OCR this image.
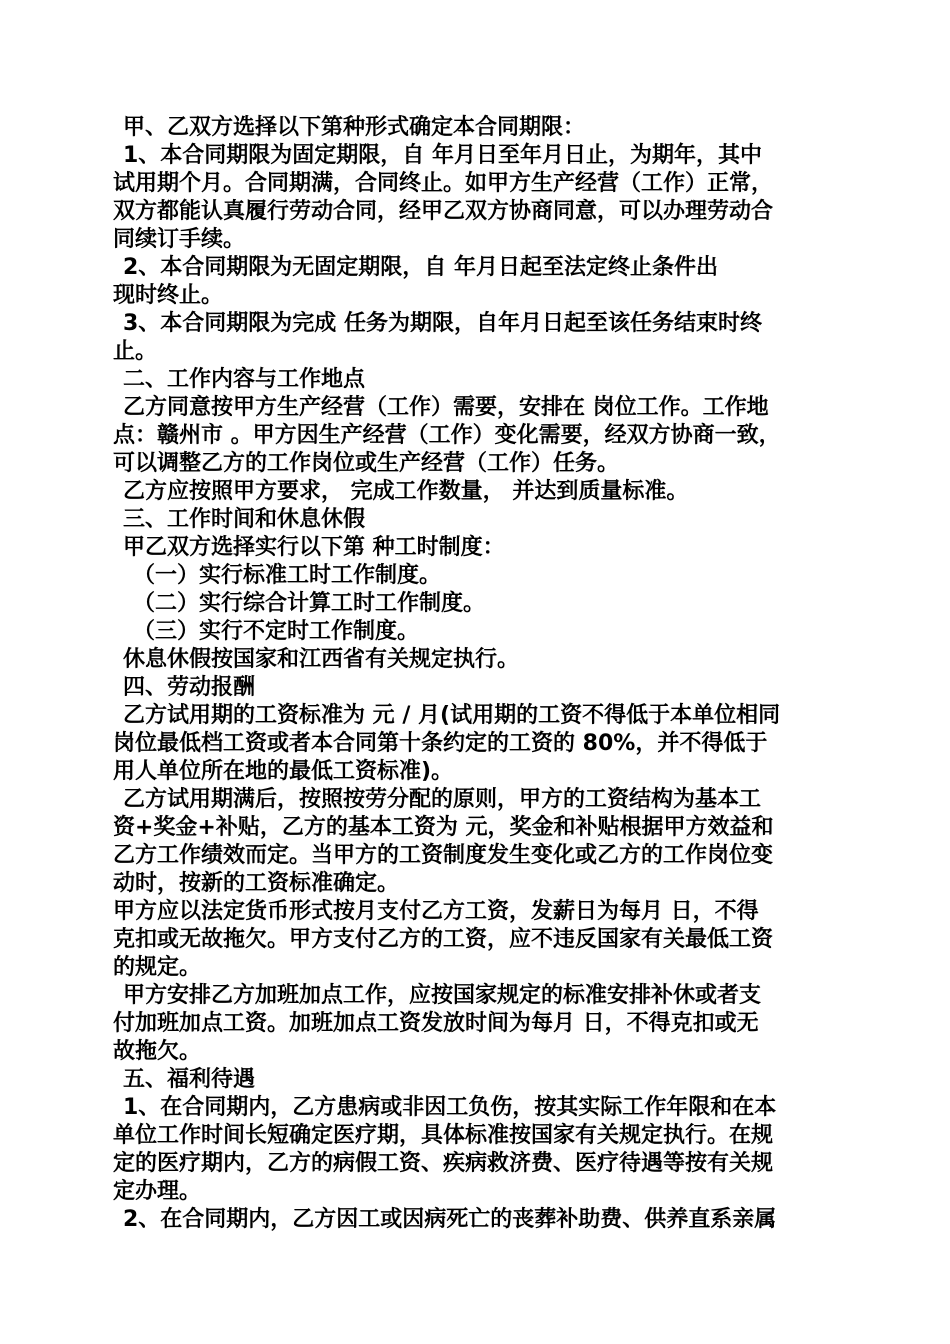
甲、乙双方选择以下第种形式确定本合同期限：
1、本合同期限为固定期限，自 年月日至年月日止，为期年，其中
试用期个月。合同期满，合同终止。如甲方生产经营（工作）正常，
双方都能认真履行劳动合同，经甲乙双方协商同意，可以办理劳动合
同续订手续。
2、本合同期限为无固定期限，自 年月日起至法定终止条件出
现时终止。
3、本合同期限为完成 任务为期限，自年月日起至该任务结束时终
止。
二、工作内容与工作地点
乙方同意按甲方生产经营（工作）需要，安排在 岗位工作。工作地
点：赣州市 。甲方因生产经营（工作）变化需要，经双方协商一致，
可以调整乙方的工作岗位或生产经营（工作）任务。
乙方应按照甲方要求， 完成工作数量， 并达到质量标准。
三、工作时间和休息休假
甲乙双方选择实行以下第 种工时制度：
（一）实行标准工时工作制度。
（二）实行综合计算工时工作制度。
（三）实行不定时工作制度。
休息休假按国家和江西省有关规定执行。
四、劳动报酬
乙方试用期的工资标准为 元 / 月(试用期的工资不得低于本单位相同
岗位最低档工资或者本合同第十条约定的工资的 80%，并不得低于
用人单位所在地的最低工资标准)。
乙方试用期满后，按照按劳分配的原则，甲方的工资结构为基本工
资+奖金+补贴，乙方的基本工资为 元，奖金和补贴根据甲方效益和
乙方工作绩效而定。当甲方的工资制度发生变化或乙方的工作岗位变
动时，按新的工资标准确定。
甲方应以法定货币形式按月支付乙方工资，发薪日为每月 日，不得
克扣或无故拖欠。甲方支付乙方的工资，应不违反国家有关最低工资
的规定。
甲方安排乙方加班加点工作，应按国家规定的标准安排补休或者支
付加班加点工资。加班加点工资发放时间为每月 日，不得克扣或无
故拖欠。
五、福利待遇
1、在合同期内，乙方患病或非因工负伤，按其实际工作年限和在本
单位工作时间长短确定医疗期，具体标准按国家有关规定执行。在规
定的医疗期内，乙方的病假工资、疾病救济费、医疗待遇等按有关规
定办理。
2、在合同期内，乙方因工或因病死亡的丧葬补助费、供养直系亲属
